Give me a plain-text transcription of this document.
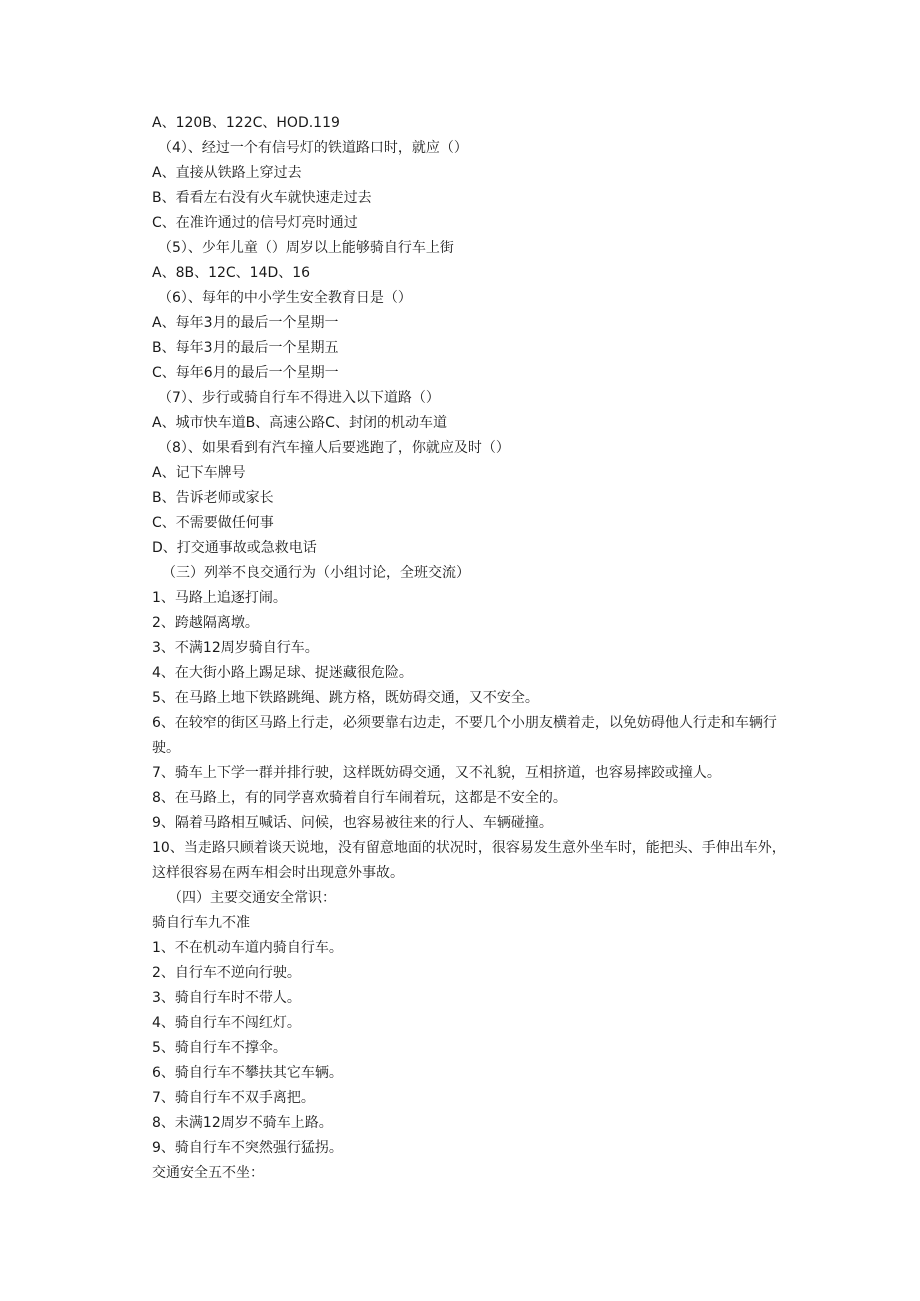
A、120B、122C、HOD.119
（4）、经过一个有信号灯的铁道路口时，就应（）
A、直接从铁路上穿过去
B、看看左右没有火车就快速走过去
C、在准许通过的信号灯亮时通过
（5）、少年儿童（）周岁以上能够骑自行车上街
A、8B、12C、14D、16
（6）、每年的中小学生安全教育日是（）
A、每年3月的最后一个星期一
B、每年3月的最后一个星期五
C、每年6月的最后一个星期一
（7）、步行或骑自行车不得进入以下道路（）
A、城市快车道B、高速公路C、封闭的机动车道
（8）、如果看到有汽车撞人后要逃跑了，你就应及时（）
A、记下车牌号
B、告诉老师或家长
C、不需要做任何事
D、打交通事故或急救电话
（三）列举不良交通行为（小组讨论，全班交流）
1、马路上追逐打闹。
2、跨越隔离墩。
3、不满12周岁骑自行车。
4、在大街小路上踢足球、捉迷藏很危险。
5、在马路上地下铁路跳绳、跳方格，既妨碍交通，又不安全。
6、在较窄的街区马路上行走，必须要靠右边走，不要几个小朋友横着走，以免妨碍他人行走和车辆行驶。
7、骑车上下学一群并排行驶，这样既妨碍交通，又不礼貌，互相挤道，也容易摔跤或撞人。
8、在马路上，有的同学喜欢骑着自行车闹着玩，这都是不安全的。
9、隔着马路相互喊话、问候，也容易被往来的行人、车辆碰撞。
10、当走路只顾着谈天说地，没有留意地面的状况时，很容易发生意外坐车时，能把头、手伸出车外，这样很容易在两车相会时出现意外事故。
（四）主要交通安全常识：
骑自行车九不准
1、不在机动车道内骑自行车。
2、自行车不逆向行驶。
3、骑自行车时不带人。
4、骑自行车不闯红灯。
5、骑自行车不撑伞。
6、骑自行车不攀扶其它车辆。
7、骑自行车不双手离把。
8、未满12周岁不骑车上路。
9、骑自行车不突然强行猛拐。
交通安全五不坐：
